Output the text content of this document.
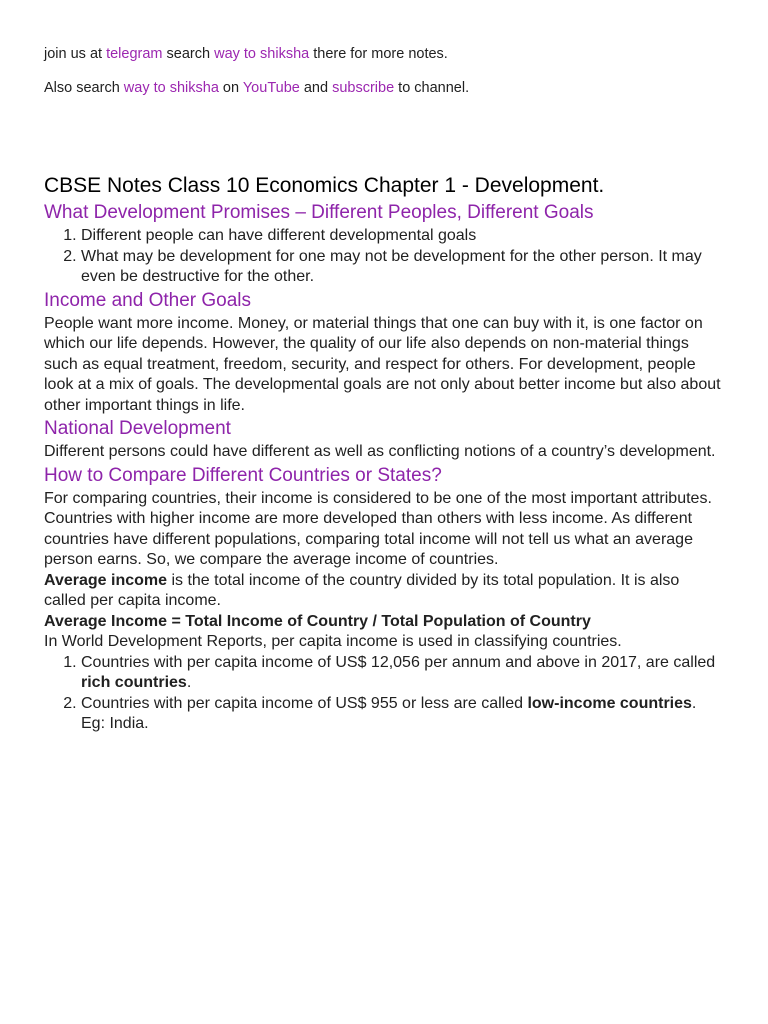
join us at telegram search way to shiksha there for more notes.

Also search way to shiksha on YouTube and subscribe to channel.

CBSE Notes Class 10 Economics Chapter 1 - Development.
What Development Promises – Different Peoples, Different Goals
1. Different people can have different developmental goals
2. What may be development for one may not be development for the other person. It may even be destructive for the other.
Income and Other Goals

People want more income. Money, or material things that one can buy with it, is one factor on which our life depends. However, the quality of our life also depends on non-material things such as equal treatment, freedom, security, and respect for others. For development, people look at a mix of goals. The developmental goals are not only about better income but also about other important things in life.

National Development

Different persons could have different as well as conflicting notions of a country’s development.

How to Compare Different Countries or States?

For comparing countries, their income is considered to be one of the most important attributes. Countries with higher income are more developed than others with less income. As different countries have different populations, comparing total income will not tell us what an average person earns. So, we compare the average income of countries.

Average income is the total income of the country divided by its total population. It is also called per capita income.

Average Income = Total Income of Country / Total Population of Country

In World Development Reports, per capita income is used in classifying countries.

1. Countries with per capita income of US$ 12,056 per annum and above in 2017, are called rich countries.
2. Countries with per capita income of US$ 955 or less are called low-income countries. Eg: India.
